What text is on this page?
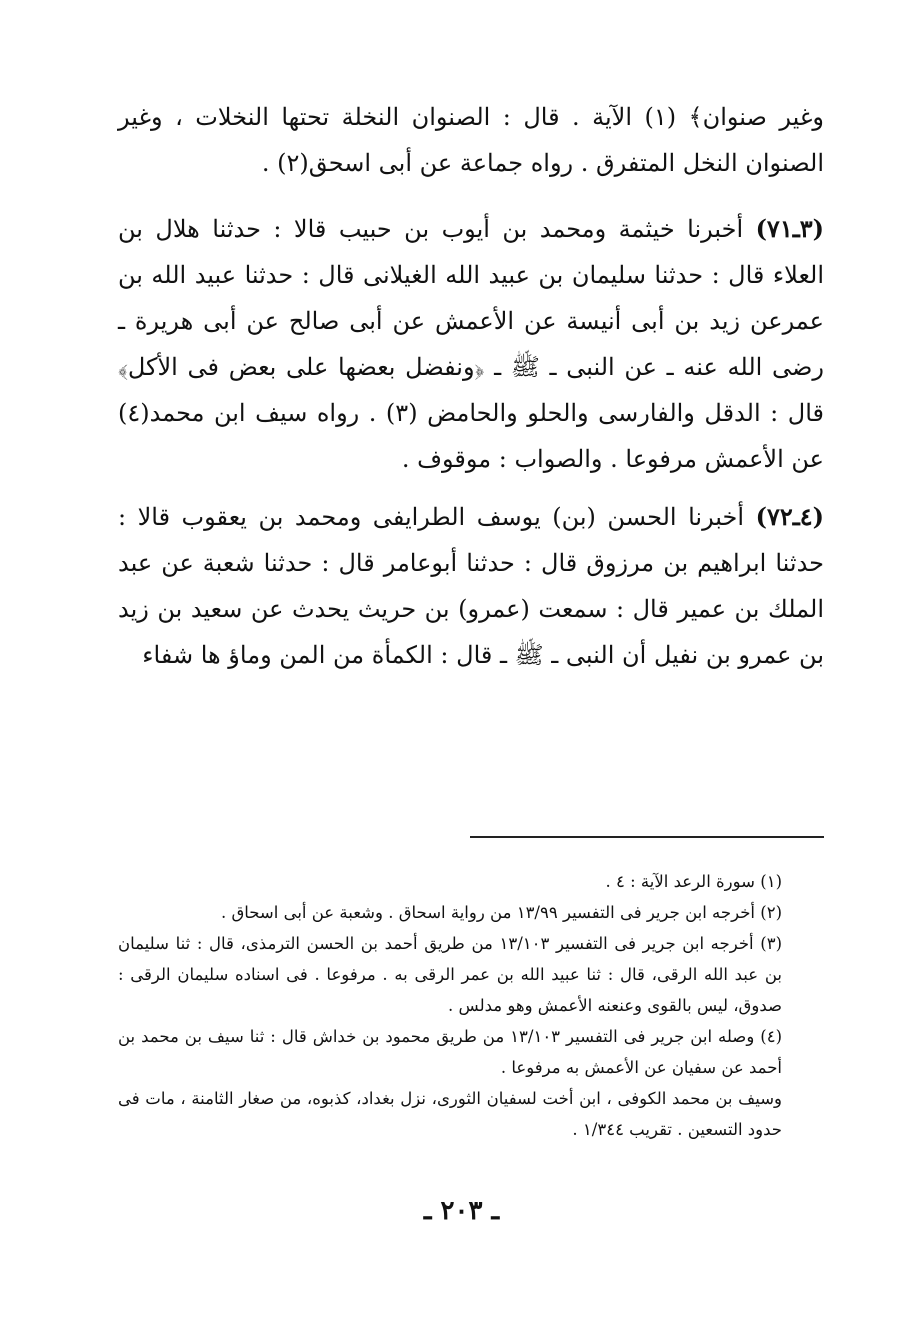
وغير صنوان﴾ (١) الآية . قال : الصنوان النخلة تحتها النخلات ، وغير الصنوان النخل المتفرق . رواه جماعة عن أبى اسحق(٢) .

(٣ـ٧١) أخبرنا خيثمة ومحمد بن أيوب بن حبيب قالا : حدثنا هلال بن العلاء قال : حدثنا سليمان بن عبيد الله الغيلانى قال : حدثنا عبيد الله بن عمرعن زيد بن أبى أنيسة عن الأعمش عن أبى صالح عن أبى هريرة ـ رضى الله عنه ـ عن النبى ـ ﷺ ـ ﴿ونفضل بعضها على بعض فى الأكل﴾ قال : الدقل والفارسى والحلو والحامض (٣) . رواه سيف ابن محمد(٤) عن الأعمش مرفوعا . والصواب : موقوف .

(٤ـ٧٢) أخبرنا الحسن (بن) يوسف الطرايفى ومحمد بن يعقوب قالا : حدثنا ابراهيم بن مرزوق قال : حدثنا أبوعامر قال : حدثنا شعبة عن عبد الملك بن عمير قال : سمعت (عمرو) بن حريث يحدث عن سعيد بن زيد بن عمرو بن نفيل أن النبى ـ ﷺ ـ قال : الكمأة من المن وماؤ ها شفاء

(١) سورة الرعد الآية : ٤ .

(٢) أخرجه ابن جرير فى التفسير ١٣/٩٩ من رواية اسحاق . وشعبة عن أبى اسحاق .

(٣) أخرجه ابن جرير فى التفسير ١٣/١٠٣ من طريق أحمد بن الحسن الترمذى، قال : ثنا سليمان بن عبد الله الرقى، قال : ثنا عبيد الله بن عمر الرقى به . مرفوعا . فى اسناده سليمان الرقى : صدوق، ليس بالقوى وعنعنه الأعمش وهو مدلس .

(٤) وصله ابن جرير فى التفسير ١٣/١٠٣ من طريق محمود بن خداش قال : ثنا سيف بن محمد بن أحمد عن سفيان عن الأعمش به مرفوعا .

وسيف بن محمد الكوفى ، ابن أخت لسفيان الثورى، نزل بغداد، كذبوه، من صغار الثامنة ، مات فى حدود التسعين . تقريب ١/٣٤٤ .

ـ ٢٠٣ ـ
